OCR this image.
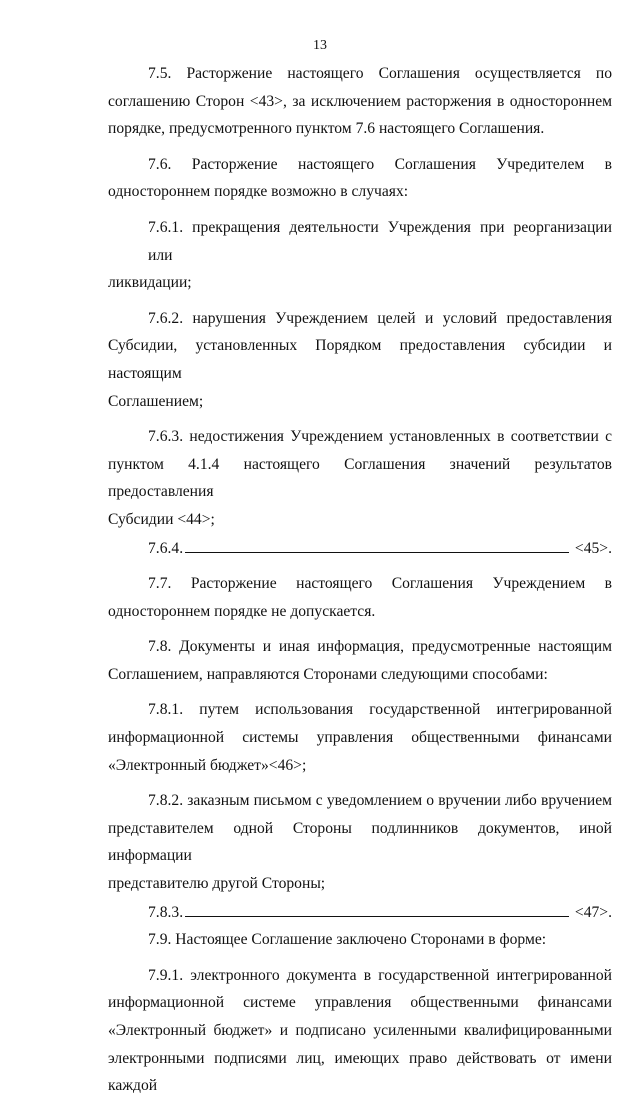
13

7.5. Расторжение настоящего Соглашения осуществляется по

соглашению Сторон <43>, за исключением расторжения в одностороннем

порядке, предусмотренного пунктом 7.6 настоящего Соглашения.

7.6. Расторжение настоящего Соглашения Учредителем в

одностороннем порядке возможно в случаях:

7.6.1. прекращения деятельности Учреждения при реорганизации или

ликвидации;

7.6.2. нарушения Учреждением целей и условий предоставления

Субсидии, установленных Порядком предоставления субсидии и настоящим

Соглашением;

7.6.3. недостижения Учреждением установленных в соответствии с

пунктом 4.1.4 настоящего Соглашения значений результатов предоставления

Субсидии <44>;

7.6.4.	<45>.

7.7. Расторжение настоящего Соглашения Учреждением в

одностороннем порядке не допускается.

7.8. Документы и иная информация, предусмотренные настоящим

Соглашением, направляются Сторонами следующими способами:

7.8.1. путем использования государственной интегрированной

информационной системы управления общественными финансами

«Электронный бюджет»<46>;

7.8.2. заказным письмом с уведомлением о вручении либо вручением

представителем одной Стороны подлинников документов, иной информации

представителю другой Стороны;

7.8.3.	<47>.

7.9. Настоящее Соглашение заключено Сторонами в форме:

7.9.1. электронного документа в государственной интегрированной

информационной системе управления общественными финансами

«Электронный бюджет» и подписано усиленными квалифицированными

электронными подписями лиц, имеющих право действовать от имени каждой
